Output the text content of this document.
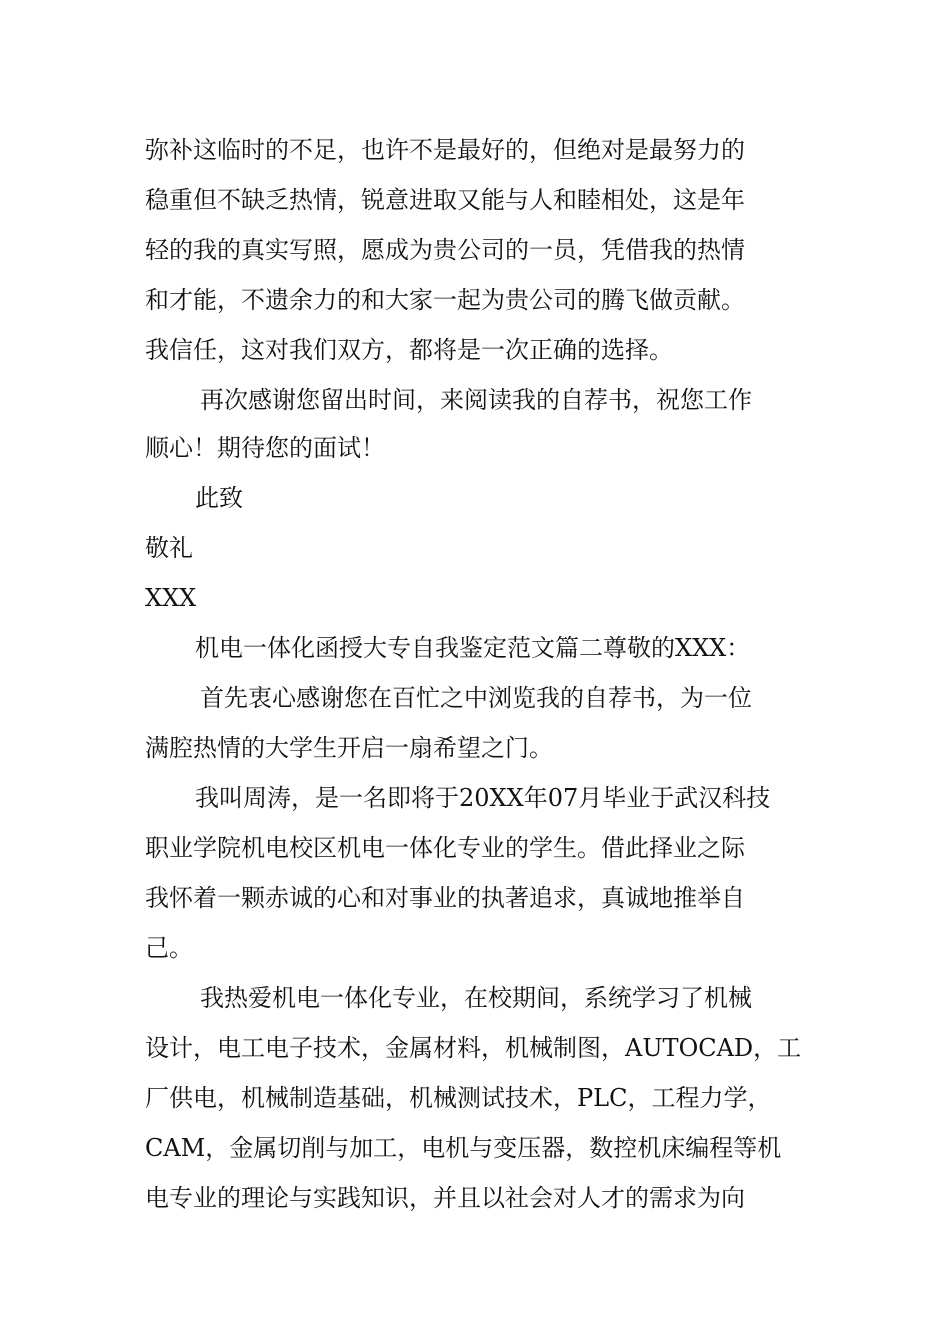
弥补这临时的不足，也许不是最好的，但绝对是最努力的
稳重但不缺乏热情，锐意进取又能与人和睦相处，这是年
轻的我的真实写照，愿成为贵公司的一员，凭借我的热情
和才能，不遗余力的和大家一起为贵公司的腾飞做贡献。
我信任，这对我们双方，都将是一次正确的选择。
再次感谢您留出时间，来阅读我的自荐书，祝您工作
顺心！期待您的面试！
此致
敬礼
XXX
机电一体化函授大专自我鉴定范文篇二尊敬的XXX：
首先衷心感谢您在百忙之中浏览我的自荐书，为一位
满腔热情的大学生开启一扇希望之门。
我叫周涛，是一名即将于20XX年07月毕业于武汉科技
职业学院机电校区机电一体化专业的学生。借此择业之际
我怀着一颗赤诚的心和对事业的执著追求，真诚地推举自
己。
我热爱机电一体化专业，在校期间，系统学习了机械
设计，电工电子技术，金属材料，机械制图，AUTOCAD，工
厂供电，机械制造基础，机械测试技术，PLC，工程力学，
CAM，金属切削与加工，电机与变压器，数控机床编程等机
电专业的理论与实践知识，并且以社会对人才的需求为向
